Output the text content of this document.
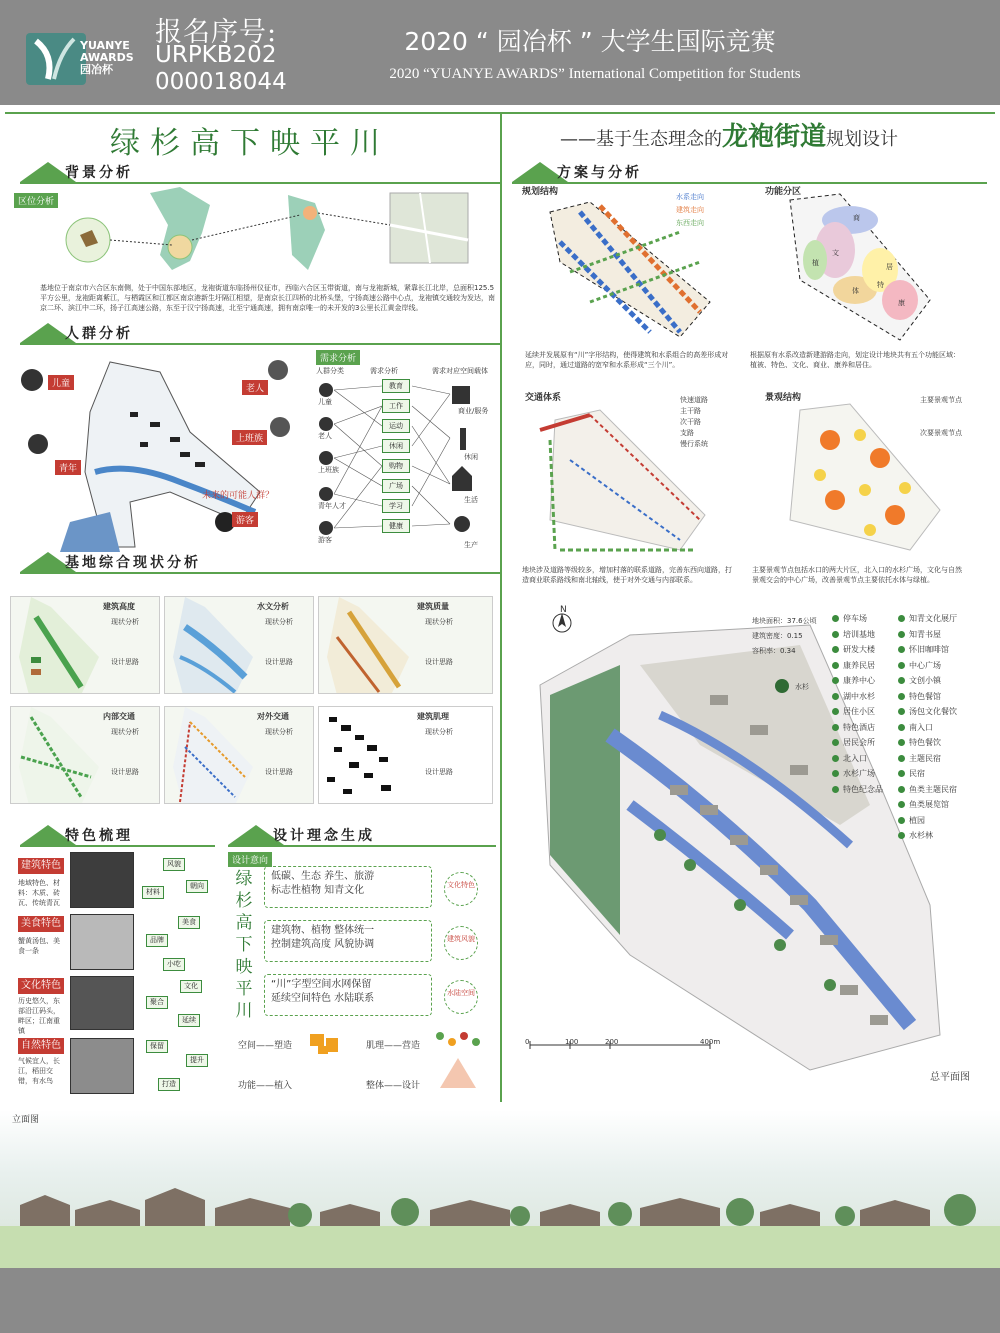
YUANYE
AWARDS
园冶杯
报名序号:
URPKB202
000018044
2020 “ 园冶杯 ” 大学生国际竞赛
2020 “YUANYE AWARDS” International Competition for Students
绿杉高下映平川	——基于生态理念的龙袍街道规划设计
背景分析
区位分析
基地位于南京市六合区东南侧，处于中国东部地区，龙袍街道东临扬州仪征市，西临六合区玉带街道，南与龙袍新城，紧靠长江北岸，总面积125.5平方公里，龙袍距离紫江，与栖霞区和江都区南京港新生圩隔江相望，是南京长江四桥的北桥头堡，宁扬高速公路中心点，龙袍镇交通较为发达，南京二环、滨江中二环，扬子江高速公路，东至于汉宁扬高速，北至宁通高速，拥有南京唯一的未开发的3公里长江黄金岸线。
人群分析
儿童
青年
老人
上班族
游客
未来的可能人群？
需求分析
人群分类	需求分析	需求对应空间载体
儿童
老人
上班族
青年人才
游客
教育
工作
运动
休闲
购物
广场
学习
健康
商业/服务
休闲
生活
生产
基地综合现状分析
建筑高度
现状分析
设计思路
水文分析
现状分析
设计思路
建筑质量
现状分析
设计思路
内部交通
现状分析
设计思路
对外交通
现状分析
设计思路
建筑肌理
现状分析
设计思路
特色梳理
建筑特色
地域特色、材料：木质、砖瓦、传统青瓦
材料
风貌
朝向
美食特色
蟹黄汤包、美食一条
品牌
美食
小吃
文化特色
历史悠久，东部沿江码头，畔区；江南重镇
聚合
文化
延续
自然特色
气候宜人，长江，稻田交错，有水鸟
保留
提升
打造
设计理念生成
设计意向
绿
杉
高
下
映
平
川
低碳、生态 养生、旅游
标志性植物 知青文化
建筑物、植物 整体统一
控制建筑高度 风貌协调
“川”字型空间水网保留
延续空间特色 水陆联系
文化特色
建筑风貌
水陆空间
空间——塑造	肌理——营造
功能——植入	整体——设计
方案与分析
规划结构	水系走向
建筑走向
东西走向
延续并发展原有“川”字形结构，使得建筑和水系组合的高差形成对应，同时，通过道路的宽窄和水系形成“三个川”。
功能分区
商
文
居
植
特
体
康
根据原有水系改造新建游路走向，划定设计地块共有五个功能区域：植被、特色、文化、商业、康养和居住。
交通体系	快速道路
主干路
次干路
支路
慢行系统
地块涉及道路等级较多，增加村落的联系道路，完善东西向道路，打造商业联系路线和南北轴线，使于对外交通与内部联系。
景观结构	主要景观节点
次要景观节点
主要景观节点包括水口的两大片区，北入口的水杉广场，文化与自然景观交会的中心广场，改善景观节点主要依托水体与绿植。
N
地块面积：37.6公顷
建筑密度：0.15
容积率：0.34
水杉
停车场
培训基地
研发大楼
康养民居
康养中心
湖中水杉
居住小区
特色酒店
居民会所
北入口
水杉广场
特色纪念品
知青文化展厅
知青书屋
怀旧咖啡馆
中心广场
文创小镇
特色餐馆
汤包文化餐饮
南入口
特色餐饮
主题民宿
民宿
鱼类主题民宿
鱼类展览馆
植园
水杉林
0	100	200	400m
总平面图
立面图
